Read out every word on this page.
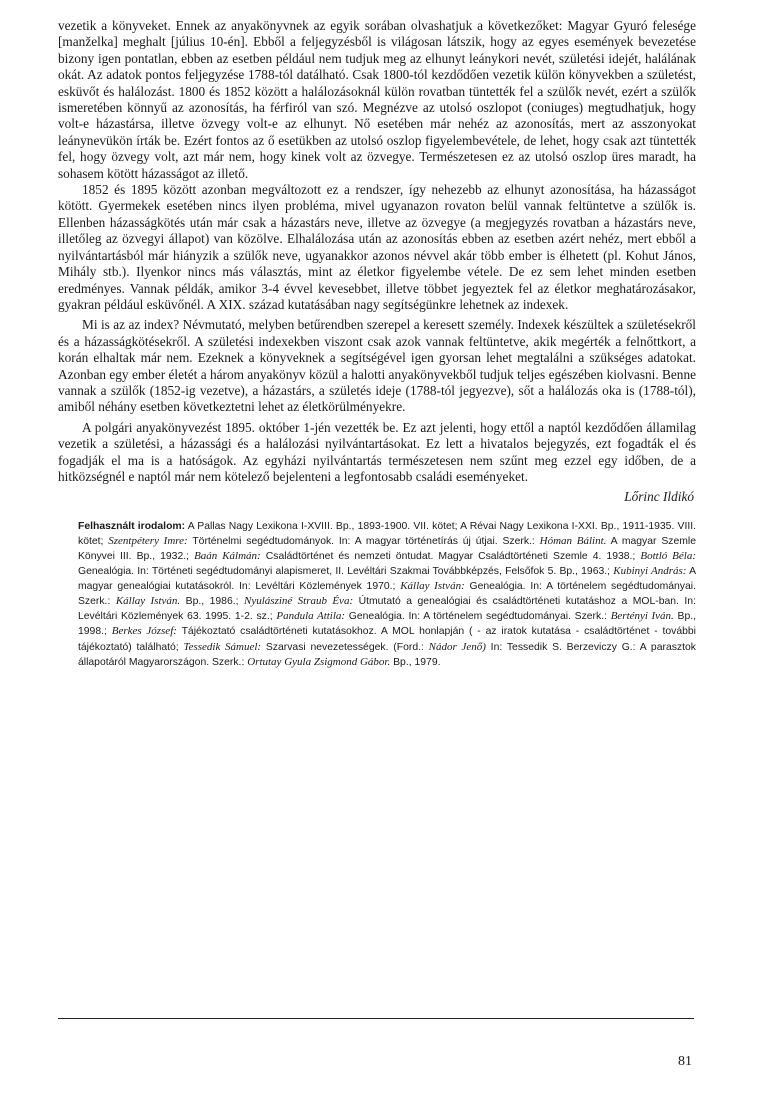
vezetik a könyveket. Ennek az anyakönyvnek az egyik sorában olvashatjuk a következőket: Magyar Gyuró felesége [manželka] meghalt [július 10-én]. Ebből a feljegyzésből is világosan látszik, hogy az egyes események bevezetése bizony igen pontatlan, ebben az esetben például nem tudjuk meg az elhunyt leánykori nevét, születési idejét, halálának okát. Az adatok pontos feljegyzése 1788-tól datálható. Csak 1800-tól kezdődően vezetik külön könyvekben a születést, esküvőt és halálozást. 1800 és 1852 között a halálozásoknál külön rovatban tüntették fel a szülők nevét, ezért a szülők ismeretében könnyű az azonosítás, ha férfiról van szó. Megnézve az utolsó oszlopot (coniuges) megtudhatjuk, hogy volt-e házastársa, illetve özvegy volt-e az elhunyt. Nő esetében már nehéz az azonosítás, mert az asszonyokat leánynevükön írták be. Ezért fontos az ő esetükben az utolsó oszlop figyelembevétele, de lehet, hogy csak azt tüntették fel, hogy özvegy volt, azt már nem, hogy kinek volt az özvegye. Természetesen ez az utolsó oszlop üres maradt, ha sohasem kötött házasságot az illető.

1852 és 1895 között azonban megváltozott ez a rendszer, így nehezebb az elhunyt azonosítása, ha házasságot kötött. Gyermekek esetében nincs ilyen probléma, mivel ugyanazon rovaton belül vannak feltüntetve a szülők is. Ellenben házasságkötés után már csak a házastárs neve, illetve az özvegye (a megjegyzés rovatban a házastárs neve, illetőleg az özvegyi állapot) van közölve. Elhalálozása után az azonosítás ebben az esetben azért nehéz, mert ebből a nyilvántartásból már hiányzik a szülők neve, ugyanakkor azonos névvel akár több ember is élhetett (pl. Kohut János, Mihály stb.). Ilyenkor nincs más választás, mint az életkor figyelembe vétele. De ez sem lehet minden esetben eredményes. Vannak példák, amikor 3-4 évvel kevesebbet, illetve többet jegyeztek fel az életkor meghatározásakor, gyakran például esküvőnél. A XIX. század kutatásában nagy segítségünkre lehetnek az indexek.

Mi is az az index? Névmutató, melyben betűrendben szerepel a keresett személy. Indexek készültek a születésekről és a házasságkötésekről. A születési indexekben viszont csak azok vannak feltüntetve, akik megérték a felnőttkort, a korán elhaltak már nem. Ezeknek a könyveknek a segítségével igen gyorsan lehet megtalálni a szükséges adatokat. Azonban egy ember életét a három anyakönyv közül a halotti anyakönyvekből tudjuk teljes egészében kiolvasni. Benne vannak a szülők (1852-ig vezetve), a házastárs, a születés ideje (1788-tól jegyezve), sőt a halálozás oka is (1788-tól), amiből néhány esetben következtetni lehet az életkörülményekre.

A polgári anyakönyvezést 1895. október 1-jén vezették be. Ez azt jelenti, hogy ettől a naptól kezdődően államilag vezetik a születési, a házassági és a halálozási nyilvántartásokat. Ez lett a hivatalos bejegyzés, ezt fogadták el és fogadják el ma is a hatóságok. Az egyházi nyilvántartás természetesen nem szűnt meg ezzel egy időben, de a hitközségnél e naptól már nem kötelező bejelenteni a legfontosabb családi eseményeket.

Lőrinc Ildikó

Felhasznált irodalom: A Pallas Nagy Lexikona I-XVIII. Bp., 1893-1900. VII. kötet; A Révai Nagy Lexikona I-XXI. Bp., 1911-1935. VIII. kötet; Szentpétery Imre: Történelmi segédtudományok. In: A magyar történetírás új útjai. Szerk.: Hóman Bálint. A magyar Szemle Könyvei III. Bp., 1932.; Baán Kálmán: Családtörténet és nemzeti öntudat. Magyar Családtörténeti Szemle 4. 1938.; Bottló Béla: Genealógia. In: Történeti segédtudományi alapismeret, II. Levéltári Szakmai Továbbképzés, Felsőfok 5. Bp., 1963.; Kubinyi András: A magyar genealógiai kutatásokról. In: Levéltári Közlemények 1970.; Kállay István: Genealógia. In: A történelem segédtudományai. Szerk.: Kállay István. Bp., 1986.; Nyulásziné Straub Éva: Útmutató a genealógiai és családtörténeti kutatáshoz a MOL-ban. In: Levéltári Közlemények 63. 1995. 1-2. sz.; Pandula Attila: Genealógia. In: A történelem segédtudományai. Szerk.: Bertényi Iván. Bp., 1998.; Berkes József: Tájékoztató családtörténeti kutatásokhoz. A MOL honlapján ( - az iratok kutatása - családtörténet - további tájékoztató) található; Tessedik Sámuel: Szarvasi nevezetességek. (Ford.: Nádor Jenő) In: Tessedik S. Berzeviczy G.: A parasztok állapotáról Magyarországon. Szerk.: Ortutay Gyula Zsigmond Gábor. Bp., 1979.

81
